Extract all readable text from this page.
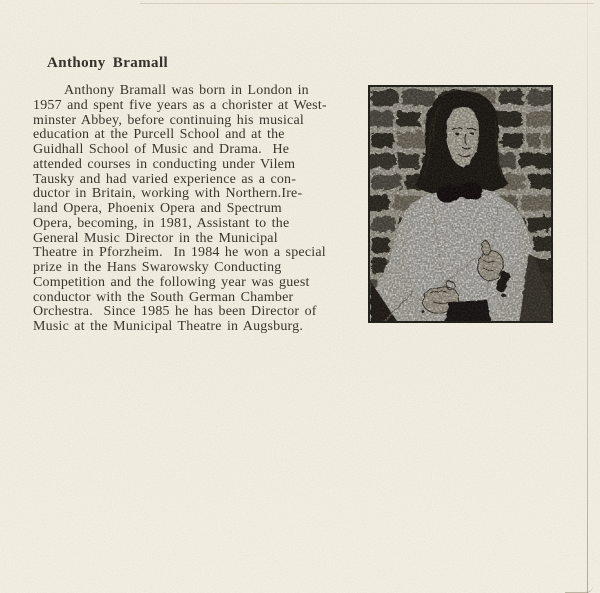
Anthony Bramall
Anthony Bramall was born in London in
1957 and spent five years as a chorister at West-
minster Abbey, before continuing his musical
education at the Purcell School and at the
Guidhall School of Music and Drama.  He
attended courses in conducting under Vilem
Tausky and had varied experience as a con-
ductor in Britain, working with Northern.Ire-
land Opera, Phoenix Opera and Spectrum
Opera, becoming, in 1981, Assistant to the
General Music Director in the Municipal
Theatre in Pforzheim.  In 1984 he won a special
prize in the Hans Swarowsky Conducting
Competition and the following year was guest
conductor with the South German Chamber
Orchestra.  Since 1985 he has been Director of
Music at the Municipal Theatre in Augsburg.
